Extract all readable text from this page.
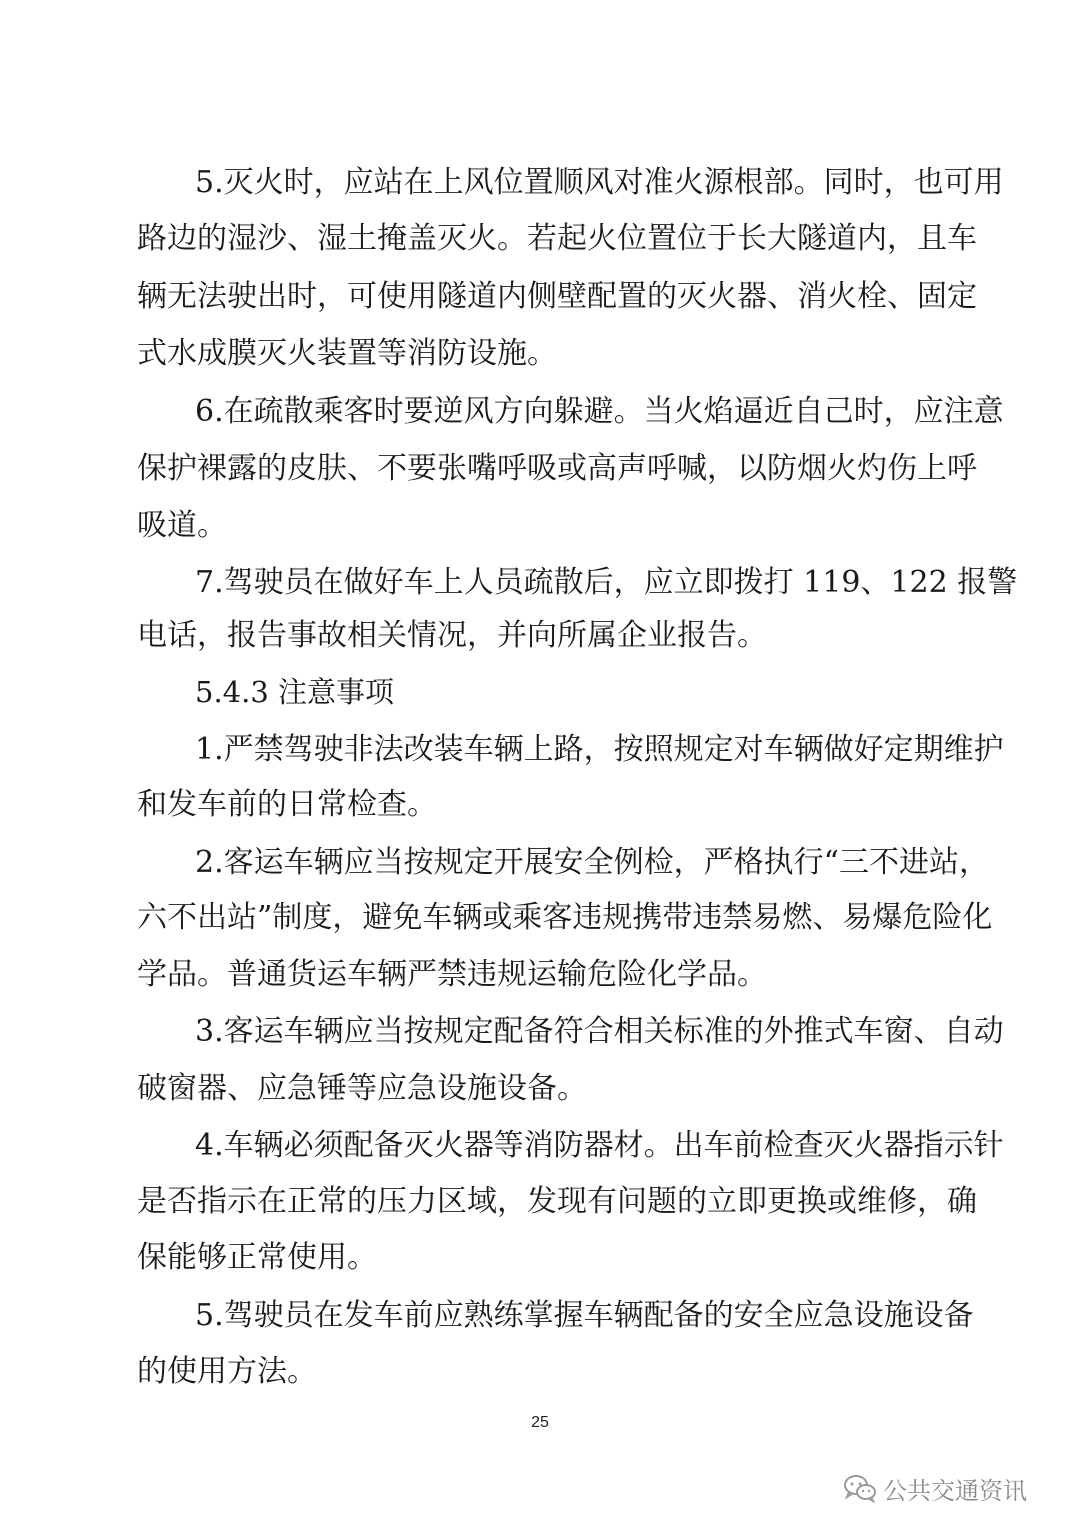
5.灭火时，应站在上风位置顺风对准火源根部。同时，也可用
路边的湿沙、湿土掩盖灭火。若起火位置位于长大隧道内，且车
辆无法驶出时，可使用隧道内侧壁配置的灭火器、消火栓、固定
式水成膜灭火装置等消防设施。
6.在疏散乘客时要逆风方向躲避。当火焰逼近自己时，应注意
保护裸露的皮肤、不要张嘴呼吸或高声呼喊，以防烟火灼伤上呼
吸道。
7.驾驶员在做好车上人员疏散后，应立即拨打 119、122 报警
电话，报告事故相关情况，并向所属企业报告。
5.4.3 注意事项
1.严禁驾驶非法改装车辆上路，按照规定对车辆做好定期维护
和发车前的日常检查。
2.客运车辆应当按规定开展安全例检，严格执行“三不进站，
六不出站”制度，避免车辆或乘客违规携带违禁易燃、易爆危险化
学品。普通货运车辆严禁违规运输危险化学品。
3.客运车辆应当按规定配备符合相关标准的外推式车窗、自动
破窗器、应急锤等应急设施设备。
4.车辆必须配备灭火器等消防器材。出车前检查灭火器指示针
是否指示在正常的压力区域，发现有问题的立即更换或维修，确
保能够正常使用。
5.驾驶员在发车前应熟练掌握车辆配备的安全应急设施设备
的使用方法。
25
公共交通资讯
